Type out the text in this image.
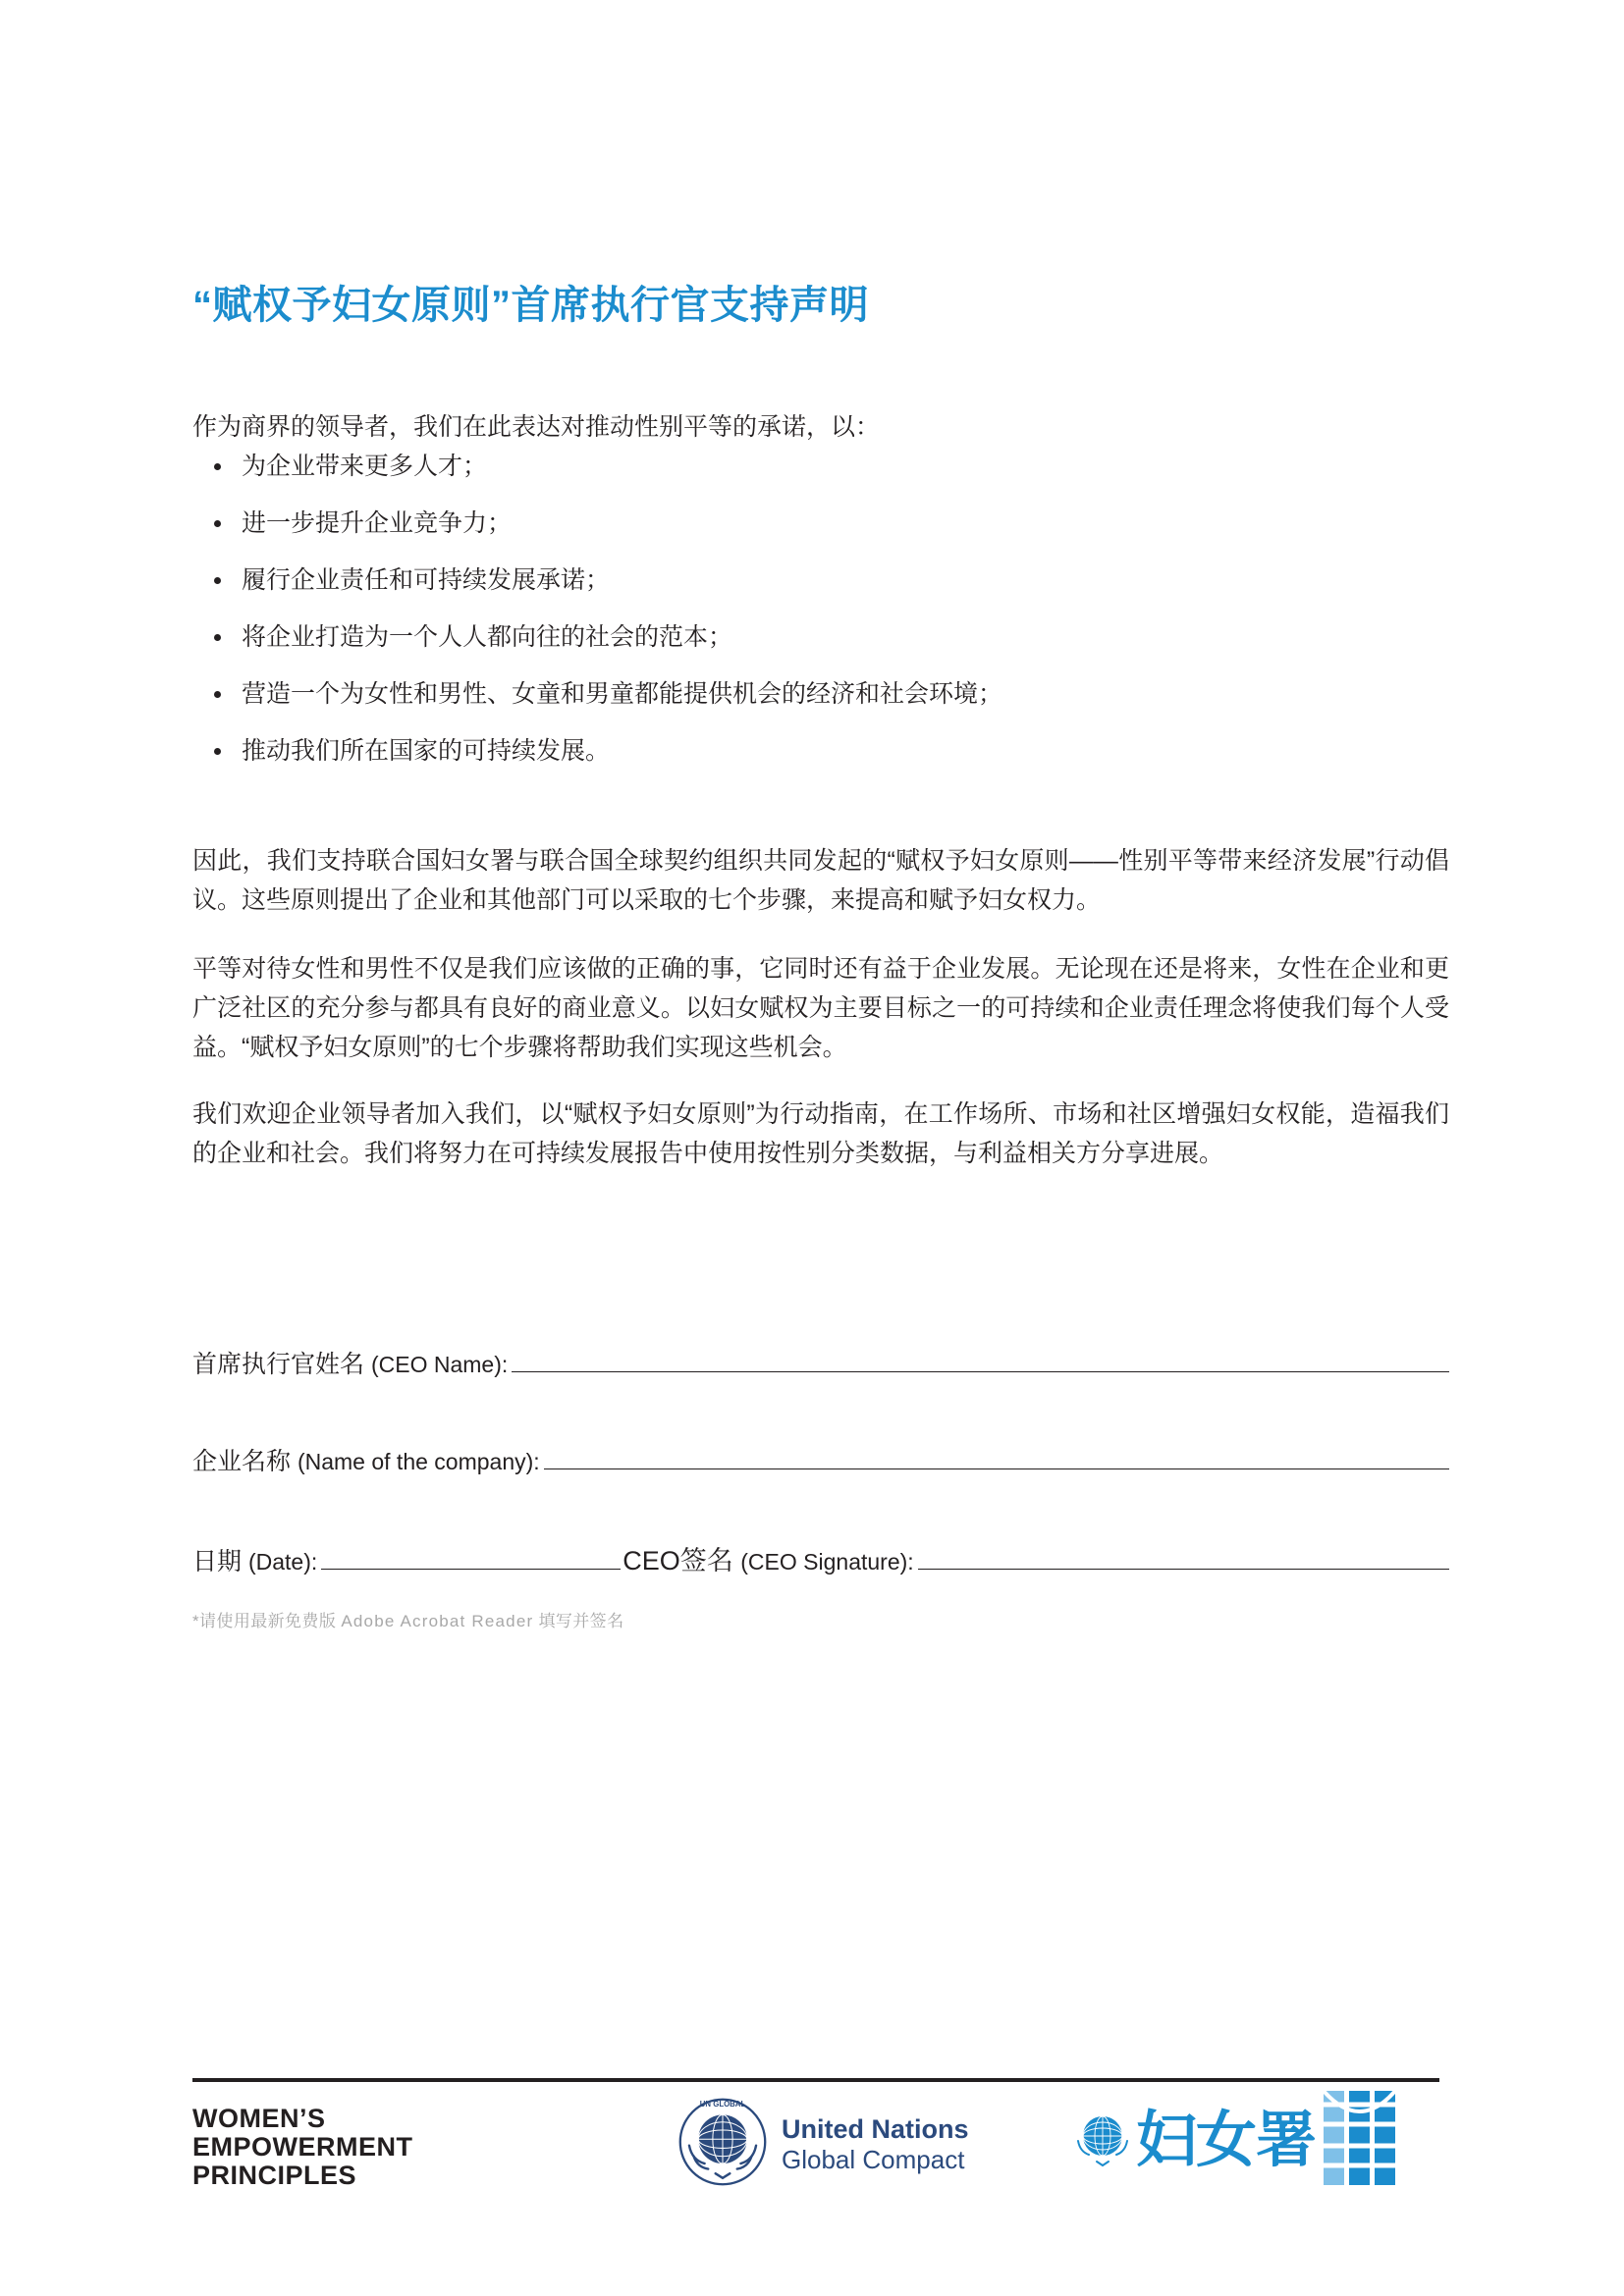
“赋权予妇女原则”首席执行官支持声明

作为商界的领导者，我们在此表达对推动性别平等的承诺，以：

为企业带来更多人才；
进一步提升企业竞争力；
履行企业责任和可持续发展承诺；
将企业打造为一个人人都向往的社会的范本；
营造一个为女性和男性、女童和男童都能提供机会的经济和社会环境；
推动我们所在国家的可持续发展。

因此，我们支持联合国妇女署与联合国全球契约组织共同发起的“赋权予妇女原则——性别平等带来经济发展”行动倡议。这些原则提出了企业和其他部门可以采取的七个步骤，来提高和赋予妇女权力。

平等对待女性和男性不仅是我们应该做的正确的事，它同时还有益于企业发展。无论现在还是将来，女性在企业和更广泛社区的充分参与都具有良好的商业意义。以妇女赋权为主要目标之一的可持续和企业责任理念将使我们每个人受益。“赋权予妇女原则”的七个步骤将帮助我们实现这些机会。

我们欢迎企业领导者加入我们，以“赋权予妇女原则”为行动指南，在工作场所、市场和社区增强妇女权能，造福我们的企业和社会。我们将努力在可持续发展报告中使用按性别分类数据，与利益相关方分享进展。

首席执行官姓名 (CEO Name):
企业名称 (Name of the company):
日期 (Date):	CEO签名 (CEO Signature):
*请使用最新免费版 Adobe Acrobat Reader 填写并签名
WOMEN’S
EMPOWERMENT
PRINCIPLES
UN GLOBAL
United Nations
Global Compact	妇女署
